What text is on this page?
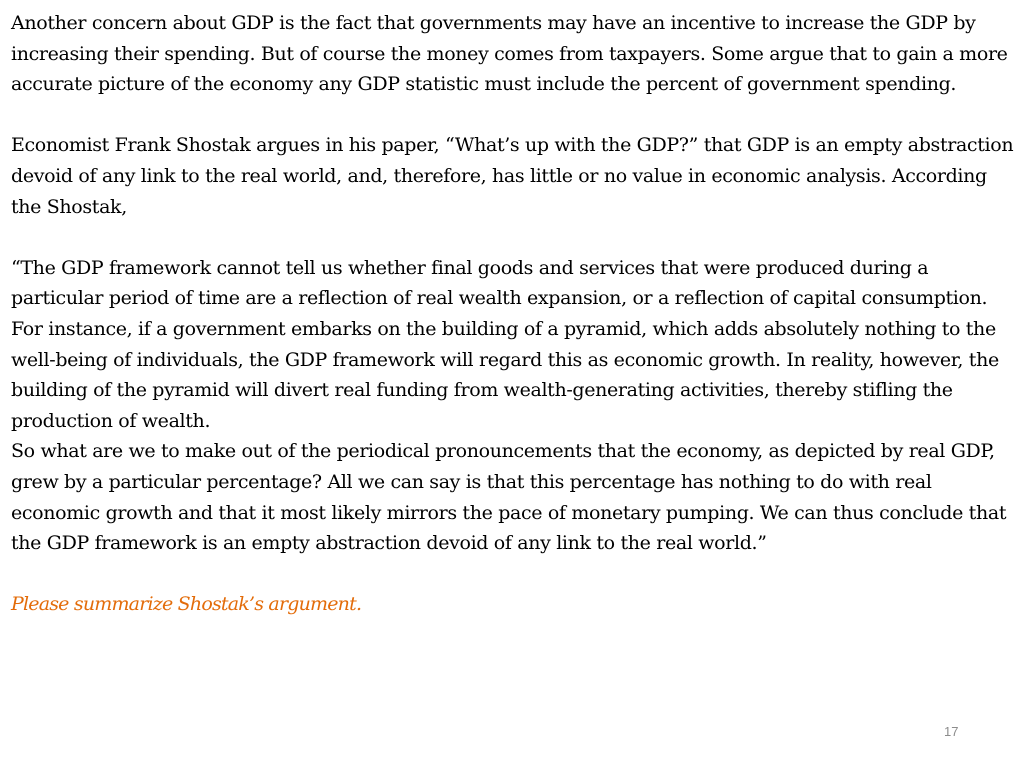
Another concern about GDP is the fact that governments may have an incentive to increase the GDP by increasing their spending. But of course the money comes from taxpayers. Some argue that to gain a more accurate picture of the economy any GDP statistic must include the percent of government spending.

Economist Frank Shostak argues in his paper, “What’s up with the GDP?” that GDP is an empty abstraction devoid of any link to the real world, and, therefore, has little or no value in economic analysis. According the Shostak,

“The GDP framework cannot tell us whether final goods and services that were produced during a particular period of time are a reflection of real wealth expansion, or a reflection of capital consumption. For instance, if a government embarks on the building of a pyramid, which adds absolutely nothing to the well-being of individuals, the GDP framework will regard this as economic growth. In reality, however, the building of the pyramid will divert real funding from wealth-generating activities, thereby stifling the production of wealth.

So what are we to make out of the periodical pronouncements that the economy, as depicted by real GDP, grew by a particular percentage? All we can say is that this percentage has nothing to do with real economic growth and that it most likely mirrors the pace of monetary pumping. We can thus conclude that the GDP framework is an empty abstraction devoid of any link to the real world.”

Please summarize Shostak’s argument.

17
